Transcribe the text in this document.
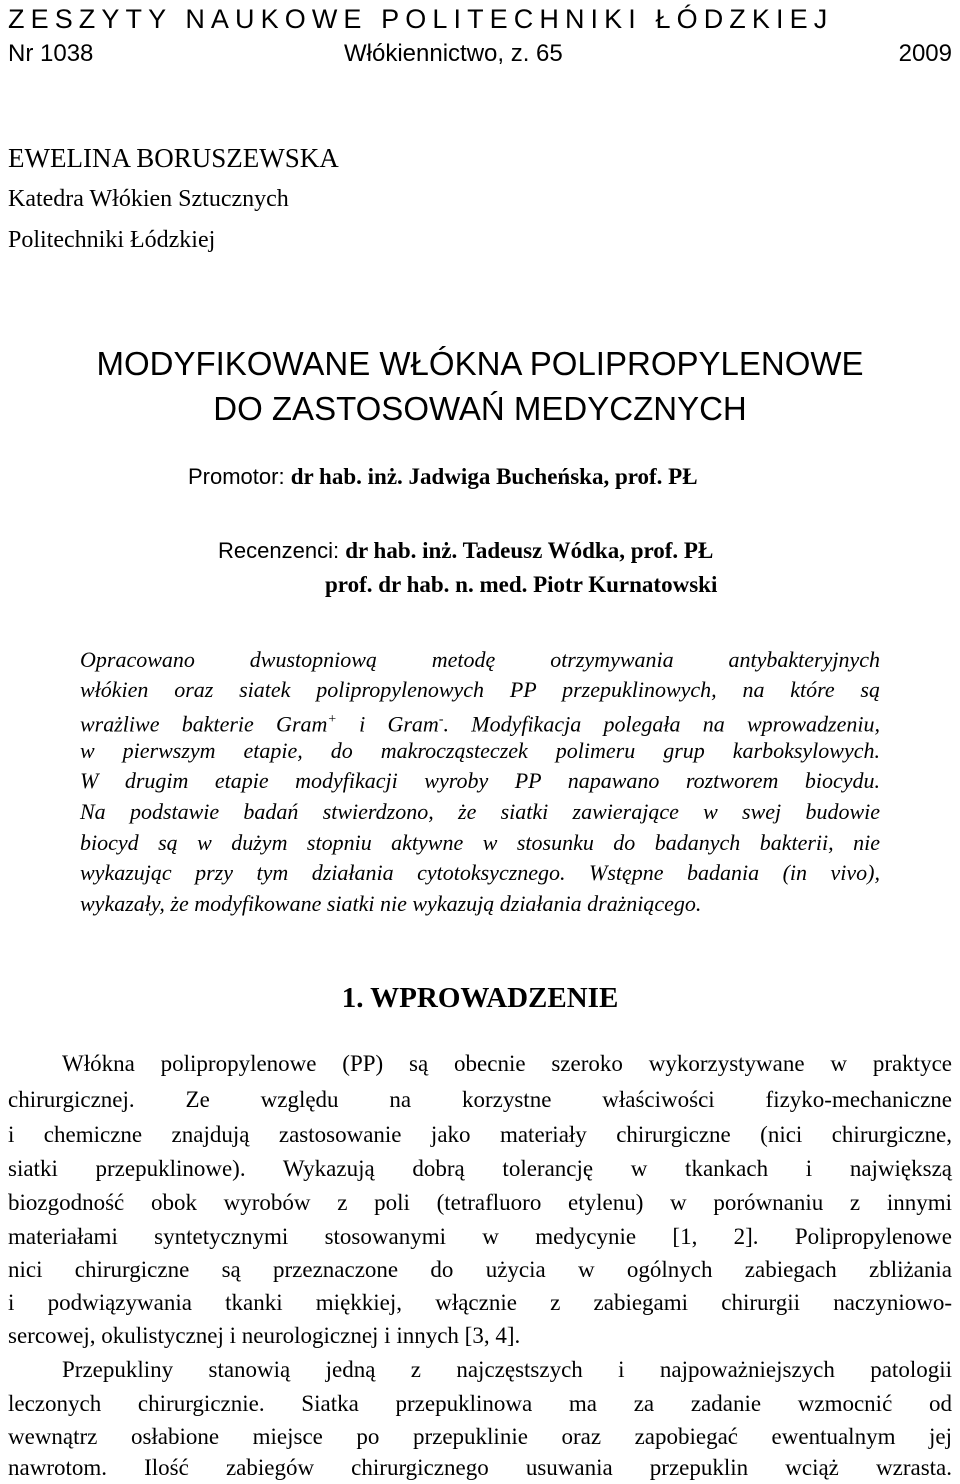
ZESZYTY NAUKOWE POLITECHNIKI ŁÓDZKIEJ
Nr 1038	Włókiennictwo, z. 65	2009
EWELINA BORUSZEWSKA
Katedra Włókien Sztucznych
Politechniki Łódzkiej
MODYFIKOWANE WŁÓKNA POLIPROPYLENOWE
DO ZASTOSOWAŃ MEDYCZNYCH
Promotor: dr hab. inż. Jadwiga Bucheńska, prof. PŁ
Recenzenci: dr hab. inż. Tadeusz Wódka, prof. PŁ
prof. dr hab. n. med. Piotr Kurnatowski
Opracowano dwustopniową metodę otrzymywania antybakteryjnych
włókien oraz siatek polipropylenowych PP przepuklinowych, na które są
wrażliwe bakterie Gram+ i Gram-. Modyfikacja polegała na wprowadzeniu,
w pierwszym etapie, do makrocząsteczek polimeru grup karboksylowych.
W drugim etapie modyfikacji wyroby PP napawano roztworem biocydu.
Na podstawie badań stwierdzono, że siatki zawierające w swej budowie
biocyd są w dużym stopniu aktywne w stosunku do badanych bakterii, nie
wykazując przy tym działania cytotoksycznego. Wstępne badania (in vivo),
wykazały, że modyfikowane siatki nie wykazują działania drażniącego.
1. WPROWADZENIE
Włókna polipropylenowe (PP) są obecnie szeroko wykorzystywane w praktyce
chirurgicznej. Ze względu na korzystne właściwości fizyko-mechaniczne
i chemiczne znajdują zastosowanie jako materiały chirurgiczne (nici chirurgiczne,
siatki przepuklinowe). Wykazują dobrą tolerancję w tkankach i największą
biozgodność obok wyrobów z poli (tetrafluoro etylenu) w porównaniu z innymi
materiałami syntetycznymi stosowanymi w medycynie [1, 2]. Polipropylenowe
nici chirurgiczne są przeznaczone do użycia w ogólnych zabiegach zbliżania
i podwiązywania tkanki miękkiej, włącznie z zabiegami chirurgii naczyniowo-
sercowej, okulistycznej i neurologicznej i innych [3, 4].
Przepukliny stanowią jedną z najczęstszych i najpoważniejszych patologii
leczonych chirurgicznie. Siatka przepuklinowa ma za zadanie wzmocnić od
wewnątrz osłabione miejsce po przepuklinie oraz zapobiegać ewentualnym jej
nawrotom. Ilość zabiegów chirurgicznego usuwania przepuklin wciąż wzrasta.
